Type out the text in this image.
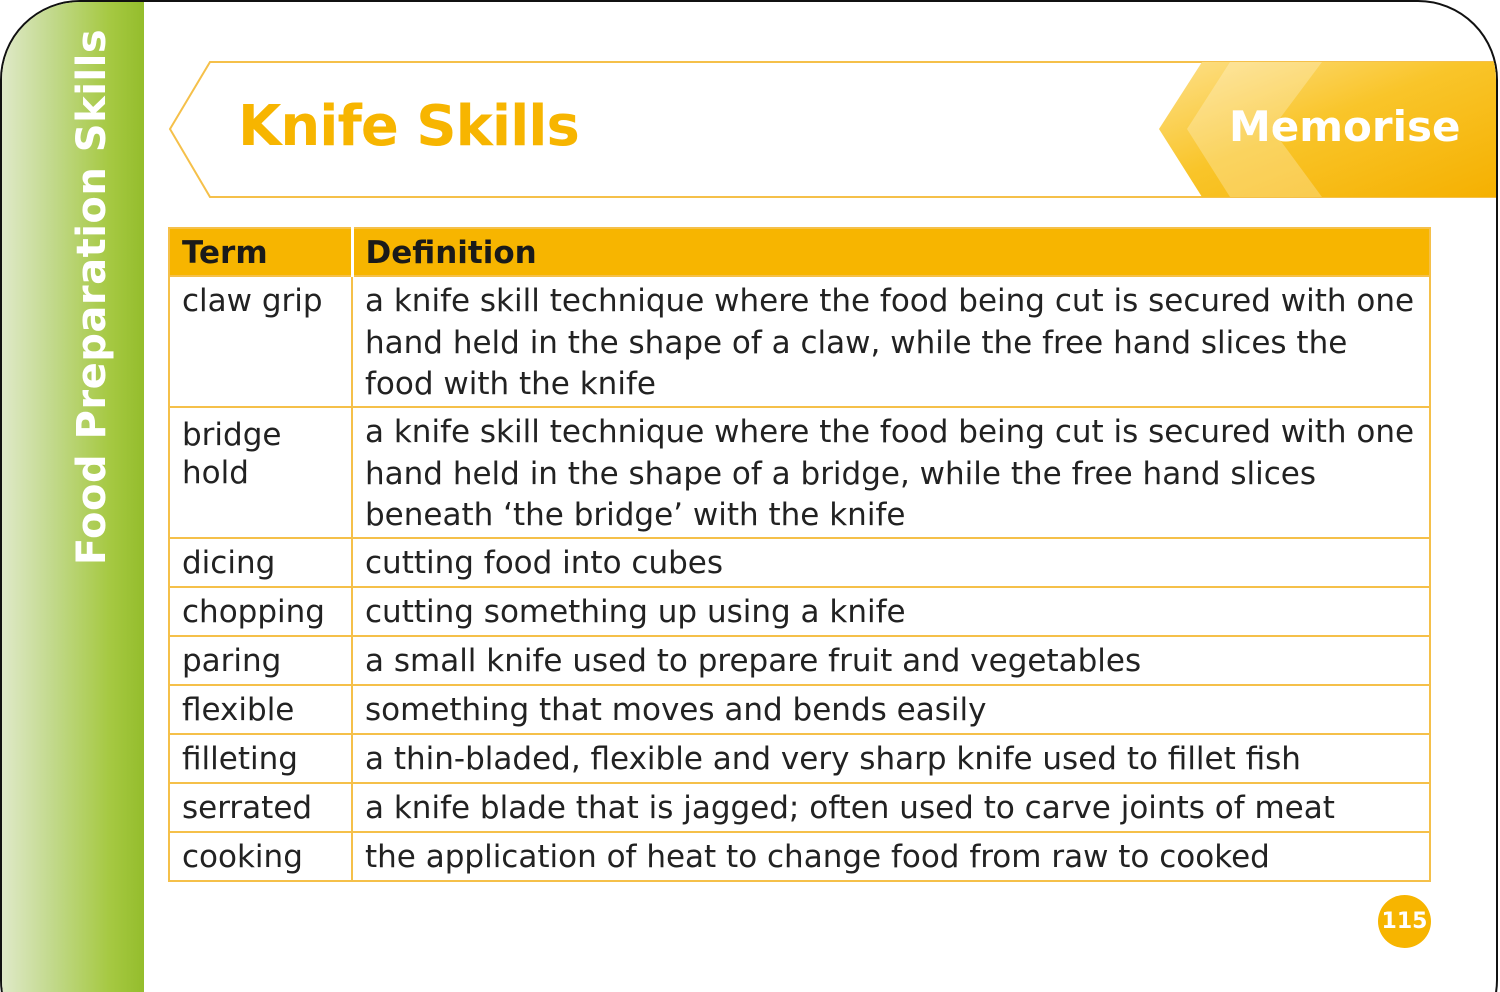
Food Preparation Skills Knife Skills	Memorise
Term	Definition
claw grip	a knife skill technique where the food being cut is secured with one hand held in the shape of a claw, while the free hand slices the food with the knife
bridge hold	a knife skill technique where the food being cut is secured with one hand held in the shape of a bridge, while the free hand slices beneath ‘the bridge’ with the knife
dicing	cutting food into cubes
chopping	cutting something up using a knife
paring	a small knife used to prepare fruit and vegetables
flexible	something that moves and bends easily
filleting	a thin-bladed, flexible and very sharp knife used to fillet fish
serrated	a knife blade that is jagged; often used to carve joints of meat
cooking	the application of heat to change food from raw to cooked
115
